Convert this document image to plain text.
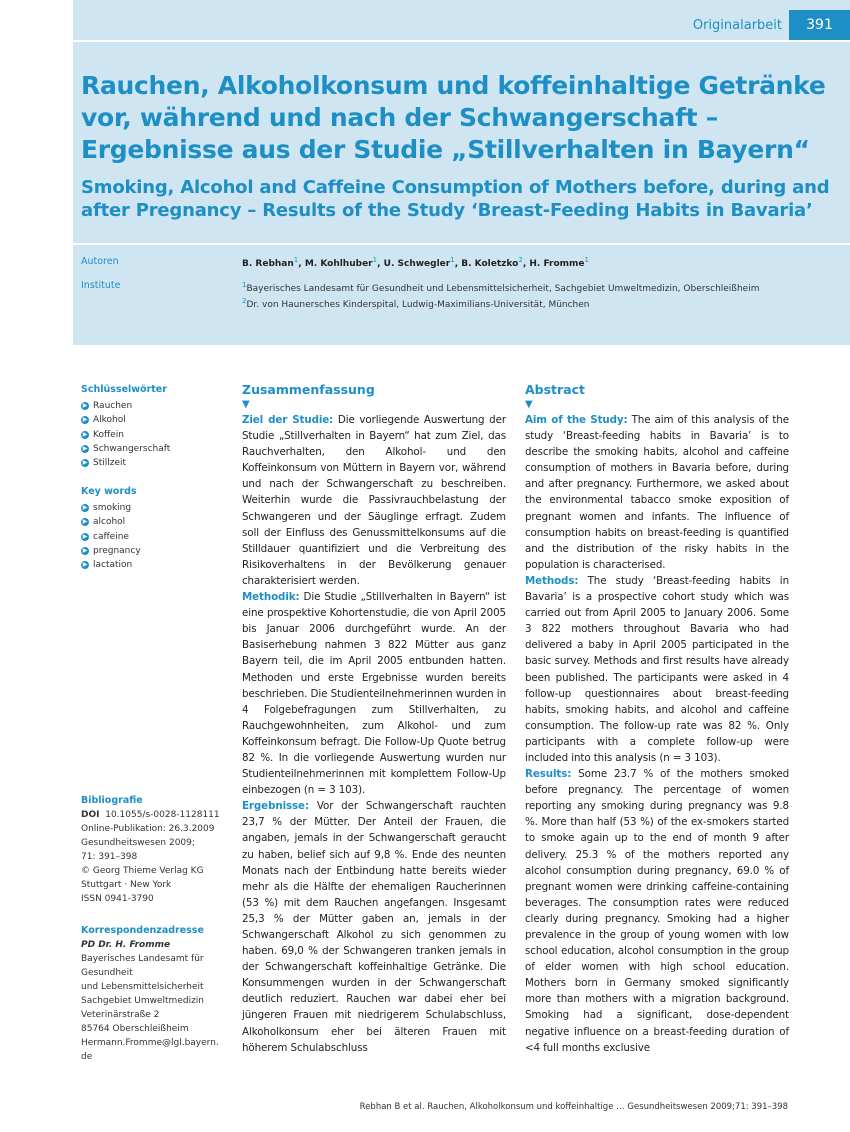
Originalarbeit	391
Rauchen, Alkoholkonsum und koffeinhaltige Getränke vor, während und nach der Schwangerschaft – Ergebnisse aus der Studie „Stillverhalten in Bayern“
Smoking, Alcohol and Caffeine Consumption of Mothers before, during and after Pregnancy – Results of the Study ‘Breast-Feeding Habits in Bavaria’
Autoren	B. Rebhan$^1$, M. Kohlhuber$^1$, U. Schwegler$^1$, B. Koletzko$^2$, H. Fromme$^1$
Institute	$^1$Bayerisches Landesamt für Gesundheit und Lebensmittelsicherheit, Sachgebiet Umweltmedizin, Oberschleißheim
$^2$Dr. von Haunersches Kinderspital, Ludwig-Maximilians-Universität, München
Schlüsselwörter
▶ Rauchen
▶ Alkohol
▶ Koffein
▶ Schwangerschaft
▶ Stillzeit
Key words
▶ smoking
▶ alcohol
▶ caffeine
▶ pregnancy
▶ lactation
Bibliografie
DOI 10.1055/s-0028-1128111
Online-Publikation: 26.3.2009
Gesundheitswesen 2009;
71: 391–398
© Georg Thieme Verlag KG
Stuttgart · New York
ISSN 0941-3790
Korrespondenzadresse
PD Dr. H. Fromme
Bayerisches Landesamt für
Gesundheit
und Lebensmittelsicherheit
Sachgebiet Umweltmedizin
Veterinärstraße 2
85764 Oberschleißheim
Hermann.Fromme@lgl.bayern.
de
Zusammenfassung
▼

Ziel der Studie: Die vorliegende Auswertung der Studie „Stillverhalten in Bayern“ hat zum Ziel, das Rauchverhalten, den Alkohol- und den Koffeinkonsum von Müttern in Bayern vor, während und nach der Schwangerschaft zu beschreiben. Weiterhin wurde die Passivrauchbelastung der Schwangeren und der Säuglinge erfragt. Zudem soll der Einfluss des Genussmittelkonsums auf die Stilldauer quantifiziert und die Verbreitung des Risikoverhaltens in der Bevölkerung genauer charakterisiert werden.

Methodik: Die Studie „Stillverhalten in Bayern“ ist eine prospektive Kohortenstudie, die von April 2005 bis Januar 2006 durchgeführt wurde. An der Basiserhebung nahmen 3 822 Mütter aus ganz Bayern teil, die im April 2005 entbunden hatten. Methoden und erste Ergebnisse wurden bereits beschrieben. Die Studienteilnehmerinnen wurden in 4 Folgebefragungen zum Stillverhalten, zu Rauchgewohnheiten, zum Alkohol- und zum Koffeinkonsum befragt. Die Follow-Up Quote betrug 82 %. In die vorliegende Auswertung wurden nur Studienteilnehmerinnen mit komplettem Follow-Up einbezogen (n = 3 103).

Ergebnisse: Vor der Schwangerschaft rauchten 23,7 % der Mütter. Der Anteil der Frauen, die angaben, jemals in der Schwangerschaft geraucht zu haben, belief sich auf 9,8 %. Ende des neunten Monats nach der Entbindung hatte bereits wieder mehr als die Hälfte der ehemaligen Raucherinnen (53 %) mit dem Rauchen angefangen. Insgesamt 25,3 % der Mütter gaben an, jemals in der Schwangerschaft Alkohol zu sich genommen zu haben. 69,0 % der Schwangeren tranken jemals in der Schwangerschaft koffeinhaltige Getränke. Die Konsummengen wurden in der Schwangerschaft deutlich reduziert. Rauchen war dabei eher bei jüngeren Frauen mit niedrigerem Schulabschluss, Alkoholkonsum eher bei älteren Frauen mit höherem Schulabschluss

Abstract
▼

Aim of the Study: The aim of this analysis of the study ‘Breast-feeding habits in Bavaria’ is to describe the smoking habits, alcohol and caffeine consumption of mothers in Bavaria before, during and after pregnancy. Furthermore, we asked about the environmental tabacco smoke exposition of pregnant women and infants. The influence of consumption habits on breast-feeding is quantified and the distribution of the risky habits in the population is characterised.

Methods: The study ‘Breast-feeding habits in Bavaria’ is a prospective cohort study which was carried out from April 2005 to January 2006. Some 3 822 mothers throughout Bavaria who had delivered a baby in April 2005 participated in the basic survey. Methods and first results have already been published. The participants were asked in 4 follow-up questionnaires about breast-feeding habits, smoking habits, and alcohol and caffeine consumption. The follow-up rate was 82 %. Only participants with a complete follow-up were included into this analysis (n = 3 103).

Results: Some 23.7 % of the mothers smoked before pregnancy. The percentage of women reporting any smoking during pregnancy was 9.8 %. More than half (53 %) of the ex-smokers started to smoke again up to the end of month 9 after delivery. 25.3 % of the mothers reported any alcohol consumption during pregnancy, 69.0 % of pregnant women were drinking caffeine-containing beverages. The consumption rates were reduced clearly during pregnancy. Smoking had a higher prevalence in the group of young women with low school education, alcohol consumption in the group of elder women with high school education. Mothers born in Germany smoked significantly more than mothers with a migration background. Smoking had a significant, dose-dependent negative influence on a breast-feeding duration of <4 full months exclusive

Rebhan B et al. Rauchen, Alkoholkonsum und koffeinhaltige … Gesundheitswesen 2009;71: 391–398
